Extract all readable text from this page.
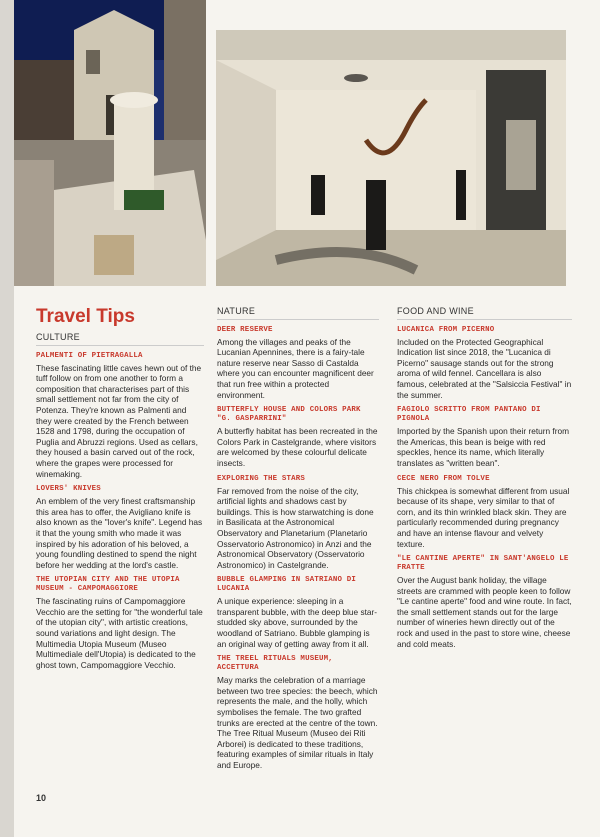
Travel Tips
CULTURE
PALMENTI OF PIETRAGALLA

These fascinating little caves hewn out of the tuff follow on from one another to form a composition that characterises part of this small settlement not far from the city of Potenza. They're known as Palmenti and they were created by the French between 1528 and 1798, during the occupation of Puglia and Abruzzi regions. Used as cellars, they housed a basin carved out of the rock, where the grapes were processed for winemaking.

LOVERS' KNIVES

An emblem of the very finest craftsmanship this area has to offer, the Avigliano knife is also known as the "lover's knife". Legend has it that the young smith who made it was inspired by his adoration of his beloved, a young foundling destined to spend the night before her wedding at the lord's castle.

THE UTOPIAN CITY AND THE UTOPIA MUSEUM - CAMPOMAGGIORE

The fascinating ruins of Campomaggiore Vecchio are the setting for "the wonderful tale of the utopian city", with artistic creations, sound variations and light design. The Multimedia Utopia Museum (Museo Multimediale dell'Utopia) is dedicated to the ghost town, Campomaggiore Vecchio.

NATURE
DEER RESERVE

Among the villages and peaks of the Lucanian Apennines, there is a fairy-tale nature reserve near Sasso di Castalda where you can encounter magnificent deer that run free within a protected environment.

BUTTERFLY HOUSE AND COLORS PARK "G. GASPARRINI"

A butterfly habitat has been recreated in the Colors Park in Castelgrande, where visitors are welcomed by these colourful delicate insects.

EXPLORING THE STARS

Far removed from the noise of the city, artificial lights and shadows cast by buildings. This is how starwatching is done in Basilicata at the Astronomical Observatory and Planetarium (Planetario Osservatorio Astronomico) in Anzi and the Astronomical Observatory (Osservatorio Astronomico) in Castelgrande.

BUBBLE GLAMPING IN SATRIANO DI LUCANIA

A unique experience: sleeping in a transparent bubble, with the deep blue star-studded sky above, surrounded by the woodland of Satriano. Bubble glamping is an original way of getting away from it all.

THE TREEL RITUALS MUSEUM, ACCETTURA

May marks the celebration of a marriage between two tree species: the beech, which represents the male, and the holly, which symbolises the female. The two grafted trunks are erected at the centre of the town. The Tree Ritual Museum (Museo dei Riti Arborei) is dedicated to these traditions, featuring examples of similar rituals in Italy and Europe.

FOOD AND WINE
LUCANICA FROM PICERNO

Included on the Protected Geographical Indication list since 2018, the "Lucanica di Picerno" sausage stands out for the strong aroma of wild fennel. Cancellara is also famous, celebrated at the "Salsiccia Festival" in the summer.

FAGIOLO SCRITTO FROM PANTANO DI PIGNOLA

Imported by the Spanish upon their return from the Americas, this bean is beige with red speckles, hence its name, which literally translates as "written bean".

CECE NERO FROM TOLVE

This chickpea is somewhat different from usual because of its shape, very similar to that of corn, and its thin wrinkled black skin. They are particularly recommended during pregnancy and have an intense flavour and velvety texture.

"LE CANTINE APERTE" IN SANT'ANGELO LE FRATTE

Over the August bank holiday, the village streets are crammed with people keen to follow "Le cantine aperte" food and wine route. In fact, the small settlement stands out for the large number of wineries hewn directly out of the rock and used in the past to store wine, cheese and cold meats.

10
